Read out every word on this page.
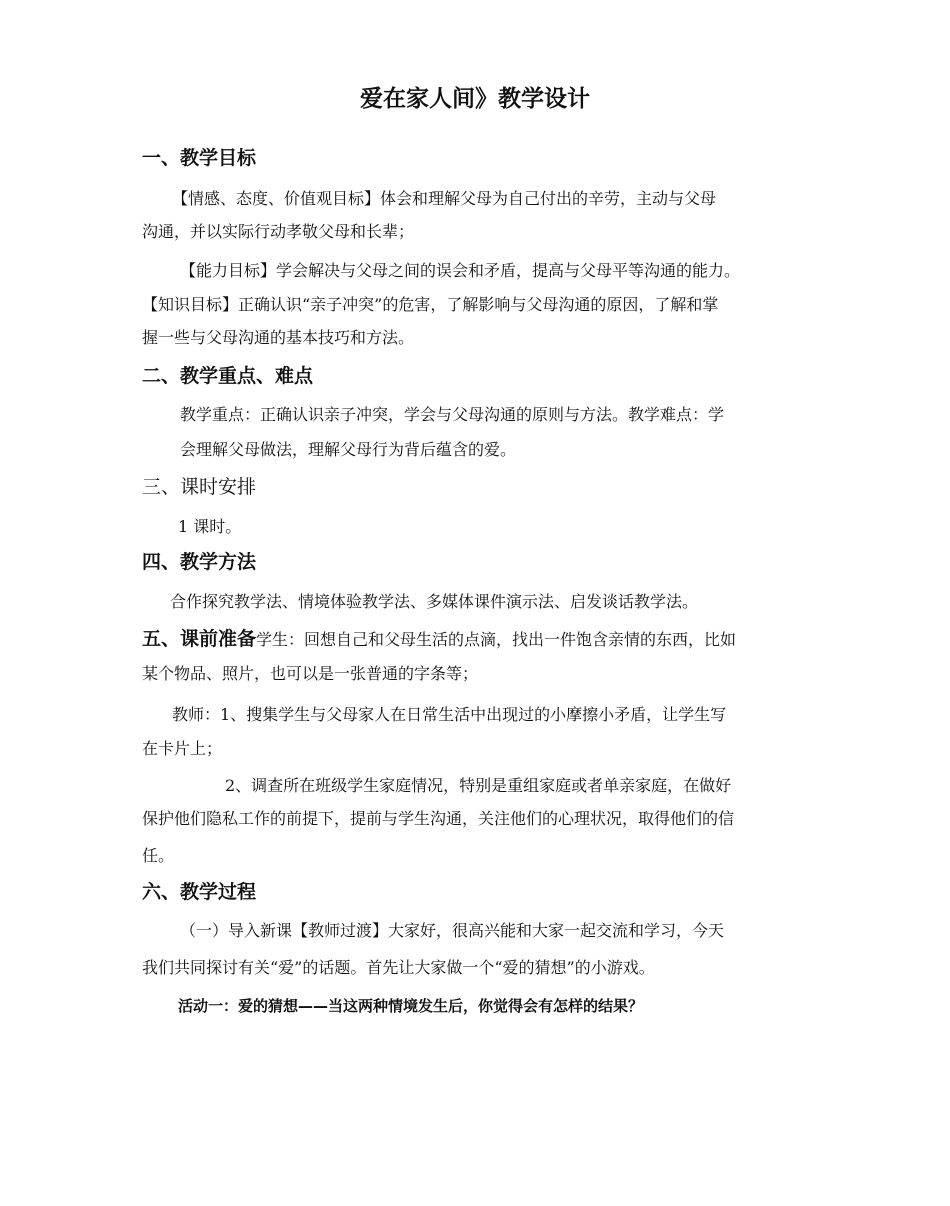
爱在家人间》教学设计
一、教学目标

【情感、态度、价值观目标】体会和理解父母为自己付出的辛劳，主动与父母

沟通，并以实际行动孝敬父母和长辈；

【能力目标】学会解决与父母之间的误会和矛盾，提高与父母平等沟通的能力。

【知识目标】正确认识“亲子冲突”的危害，了解影响与父母沟通的原因，了解和掌

握一些与父母沟通的基本技巧和方法。

二、教学重点、难点

教学重点：正确认识亲子冲突，学会与父母沟通的原则与方法。教学难点：学

会理解父母做法，理解父母行为背后蕴含的爱。

三、课时安排

1 课时。

四、教学方法

合作探究教学法、情境体验教学法、多媒体课件演示法、启发谈话教学法。

五、课前准备学生：回想自己和父母生活的点滴，找出一件饱含亲情的东西，比如

某个物品、照片，也可以是一张普通的字条等；

教师：1、搜集学生与父母家人在日常生活中出现过的小摩擦小矛盾，让学生写

在卡片上；

2、调查所在班级学生家庭情况，特别是重组家庭或者单亲家庭，在做好

保护他们隐私工作的前提下，提前与学生沟通，关注他们的心理状况，取得他们的信

任。

六、教学过程

（一）导入新课【教师过渡】大家好，很高兴能和大家一起交流和学习，今天

我们共同探讨有关“爱”的话题。首先让大家做一个“爱的猜想”的小游戏。

活动一：爱的猜想——当这两种情境发生后，你觉得会有怎样的结果？
